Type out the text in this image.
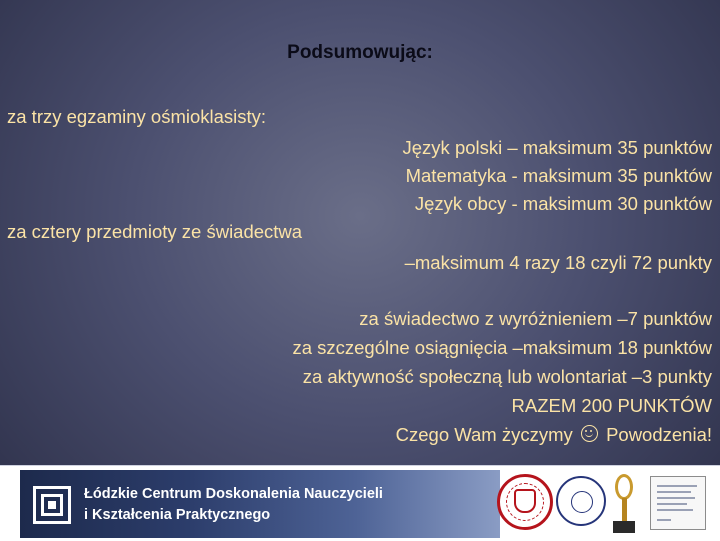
Podsumowując:
za trzy egzaminy ośmioklasisty:
Język polski – maksimum 35 punktów
Matematyka - maksimum 35 punktów
Język obcy - maksimum 30 punktów
za cztery przedmioty ze świadectwa
–maksimum 4 razy 18 czyli 72 punkty
za świadectwo z wyróżnieniem –7 punktów
za szczególne osiągnięcia –maksimum 18 punktów
za aktywność społeczną lub wolontariat –3 punkty
RAZEM 200 PUNKTÓW
Czego Wam życzymy Powodzenia!
Łódzkie Centrum Doskonalenia Nauczycieli
i Kształcenia Praktycznego
